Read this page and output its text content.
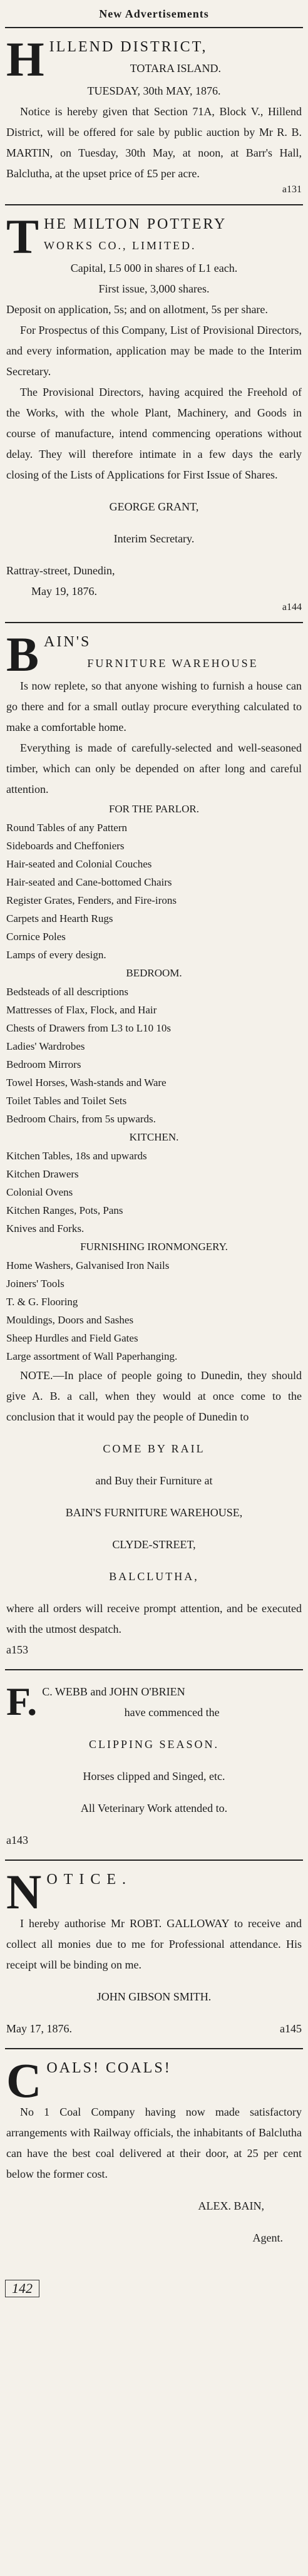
New Advertisements
H ILLEND DISTRICT,
TOTARA ISLAND.

TUESDAY, 30th MAY, 1876.

Notice is hereby given that Section 71A, Block V., Hillend District, will be offered for sale by public auction by Mr R. B. MARTIN, on Tuesday, 30th May, at noon, at Barr's Hall, Balclutha, at the upset price of £5 per acre.

a131
T HE MILTON POTTERY
WORKS CO., LIMITED.

Capital, L5 000 in shares of L1 each.

First issue, 3,000 shares.

Deposit on application, 5s; and on allotment, 5s per share.

For Prospectus of this Company, List of Provisional Directors, and every information, application may be made to the Interim Secretary.

The Provisional Directors, having acquired the Freehold of the Works, with the whole Plant, Machinery, and Goods in course of manufacture, intend commencing operations without delay. They will therefore intimate in a few days the early closing of the Lists of Applications for First Issue of Shares.

GEORGE GRANT,

Interim Secretary.

Rattray-street, Dunedin,

May 19, 1876.

a144
B AIN'S
FURNITURE WAREHOUSE

Is now replete, so that anyone wishing to furnish a house can go there and for a small outlay procure everything calculated to make a comfortable home.

Everything is made of carefully-selected and well-seasoned timber, which can only be depended on after long and careful attention.

FOR THE PARLOR.
Round Tables of any Pattern
Sideboards and Cheffoniers
Hair-seated and Colonial Couches
Hair-seated and Cane-bottomed Chairs
Register Grates, Fenders, and Fire-irons
Carpets and Hearth Rugs
Cornice Poles
Lamps of every design.
BEDROOM.
Bedsteads of all descriptions
Mattresses of Flax, Flock, and Hair
Chests of Drawers from L3 to L10 10s
Ladies' Wardrobes
Bedroom Mirrors
Towel Horses, Wash-stands and Ware
Toilet Tables and Toilet Sets
Bedroom Chairs, from 5s upwards.
KITCHEN.
Kitchen Tables, 18s and upwards
Kitchen Drawers
Colonial Ovens
Kitchen Ranges, Pots, Pans
Knives and Forks.
FURNISHING IRONMONGERY.
Home Washers, Galvanised Iron Nails
Joiners' Tools
T. & G. Flooring
Mouldings, Doors and Sashes
Sheep Hurdles and Field Gates
Large assortment of Wall Paperhanging.

NOTE.—In place of people going to Dunedin, they should give A. B. a call, when they would at once come to the conclusion that it would pay the people of Dunedin to

COME BY RAIL

and Buy their Furniture at

BAIN'S FURNITURE WAREHOUSE,

CLYDE-STREET,

BALCLUTHA,

where all orders will receive prompt attention, and be executed with the utmost despatch.

a153
F. C. WEBB and JOHN O'BRIEN
have commenced the

CLIPPING SEASON.

Horses clipped and Singed, etc.

All Veterinary Work attended to.

a143
N OTICE.

I hereby authorise Mr ROBT. GALLOWAY to receive and collect all monies due to me for Professional attendance. His receipt will be binding on me.

JOHN GIBSON SMITH.

May 17, 1876.	a145
C OALS! COALS!

No 1 Coal Company having now made satisfactory arrangements with Railway officials, the inhabitants of Balclutha can have the best coal delivered at their door, at 25 per cent below the former cost.

ALEX. BAIN,

Agent.

142
